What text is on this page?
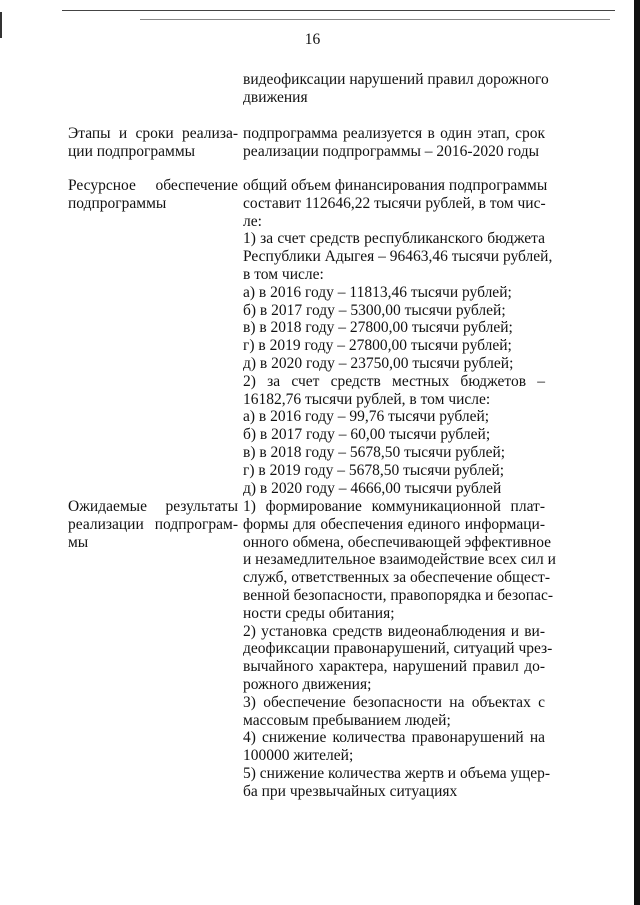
16
видеофиксации нарушений правил дорожного
движения
Этапы и сроки реализа-
ции подпрограммы
подпрограмма реализуется в один этап, срок
реализации подпрограммы – 2016-2020 годы
Ресурсное обеспечение
подпрограммы
общий объем финансирования подпрограммы
составит 112646,22 тысячи рублей, в том чис-
ле:
1) за счет средств республиканского бюджета
Республики Адыгея – 96463,46 тысячи рублей,
в том числе:
а) в 2016 году – 11813,46 тысячи рублей;
б) в 2017 году – 5300,00 тысячи рублей;
в) в 2018 году – 27800,00 тысячи рублей;
г) в 2019 году – 27800,00 тысячи рублей;
д) в 2020 году – 23750,00 тысячи рублей;
2) за счет средств местных бюджетов –
16182,76 тысячи рублей, в том числе:
а) в 2016 году – 99,76 тысячи рублей;
б) в 2017 году – 60,00 тысячи рублей;
в) в 2018 году – 5678,50 тысячи рублей;
г) в 2019 году – 5678,50 тысячи рублей;
д) в 2020 году – 4666,00 тысячи рублей
Ожидаемые результаты
реализации подпрограм-
мы
1) формирование коммуникационной плат-
формы для обеспечения единого информаци-
онного обмена, обеспечивающей эффективное
и незамедлительное взаимодействие всех сил и
служб, ответственных за обеспечение общест-
венной безопасности, правопорядка и безопас-
ности среды обитания;
2) установка средств видеонаблюдения и ви-
деофиксации правонарушений, ситуаций чрез-
вычайного характера, нарушений правил до-
рожного движения;
3) обеспечение безопасности на объектах с
массовым пребыванием людей;
4) снижение количества правонарушений на
100000 жителей;
5) снижение количества жертв и объема ущер-
ба при чрезвычайных ситуациях
